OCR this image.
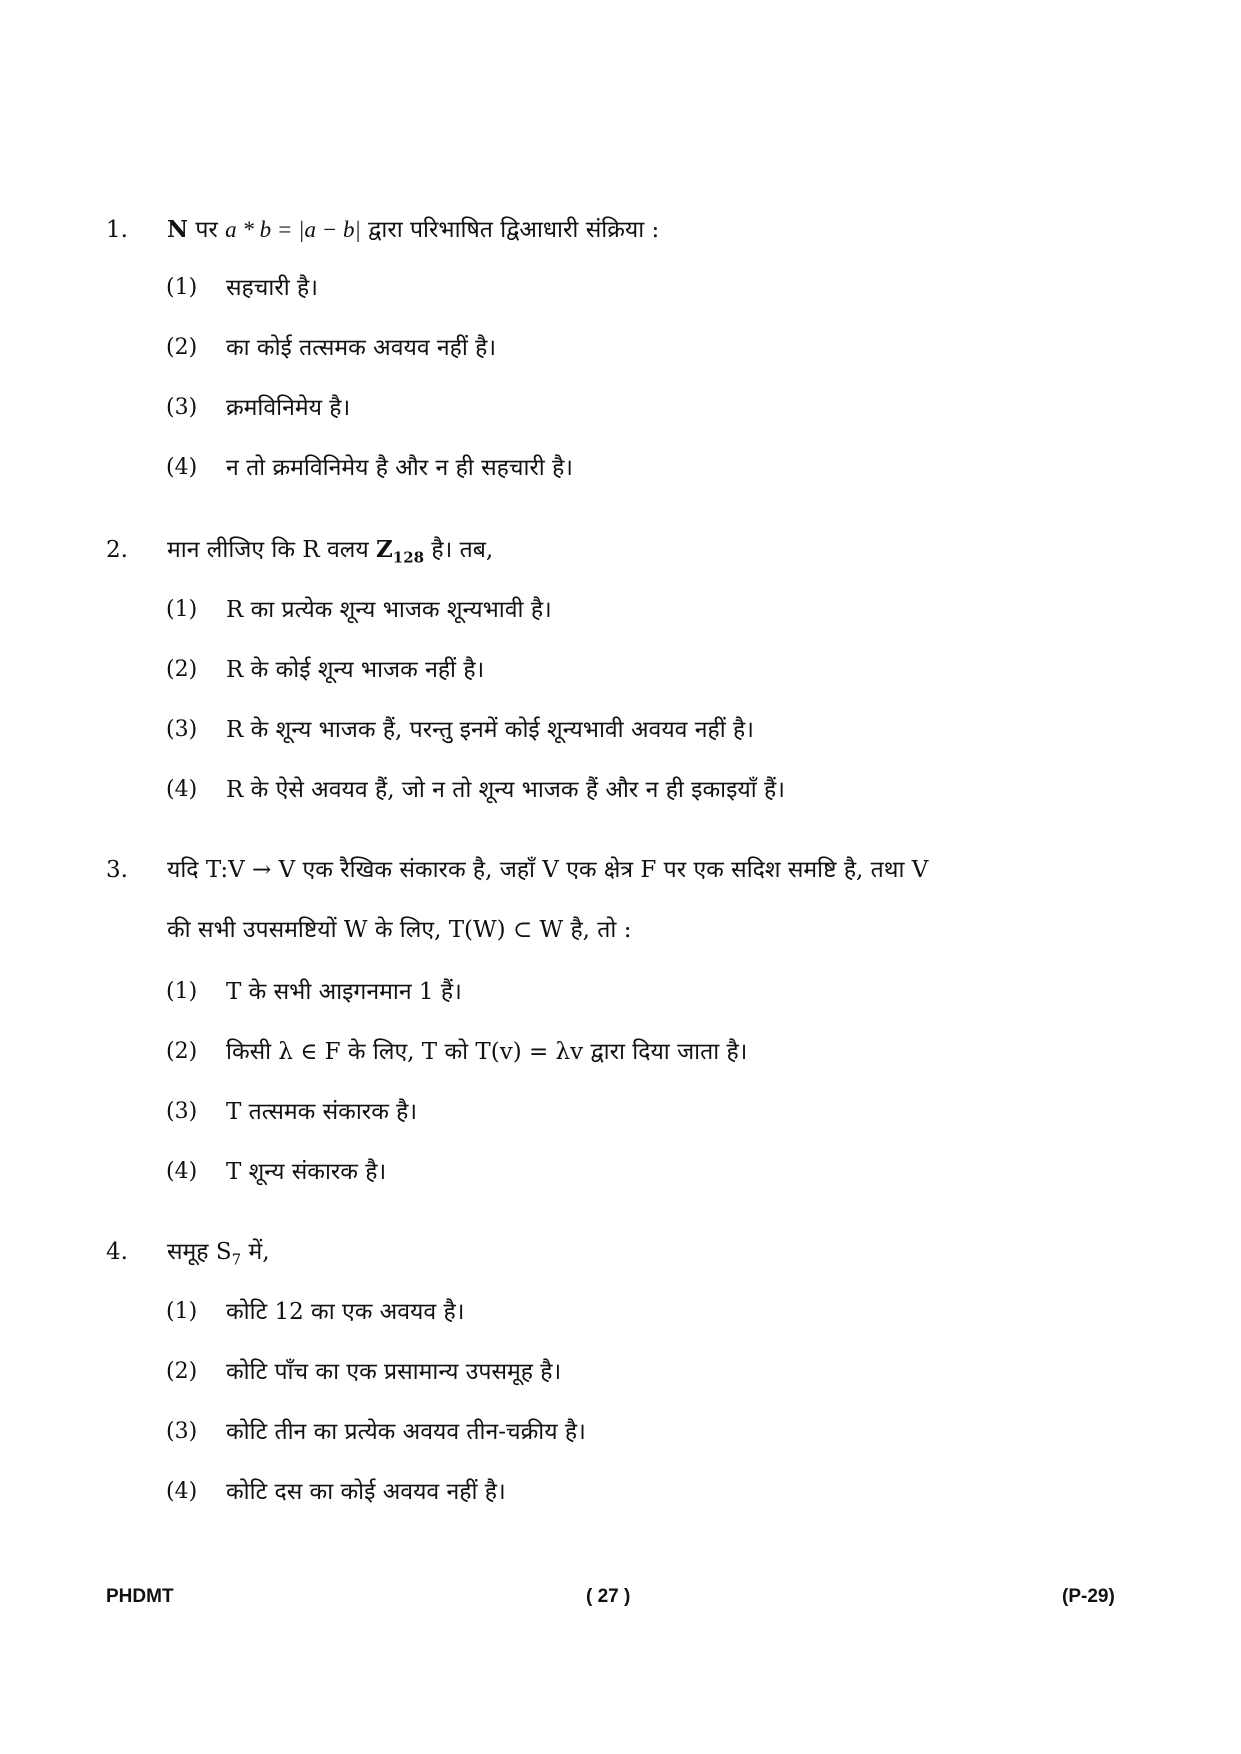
1. N पर a * b = |a − b| द्वारा परिभाषित द्विआधारी संक्रिया :
(1) सहचारी है।
(2) का कोई तत्समक अवयव नहीं है।
(3) क्रमविनिमेय है।
(4) न तो क्रमविनिमेय है और न ही सहचारी है।
2. मान लीजिए कि R वलय $Z_{128}$ है। तब,
(1) R का प्रत्येक शून्य भाजक शून्यभावी है।
(2) R के कोई शून्य भाजक नहीं है।
(3) R के शून्य भाजक हैं, परन्तु इनमें कोई शून्यभावी अवयव नहीं है।
(4) R के ऐसे अवयव हैं, जो न तो शून्य भाजक हैं और न ही इकाइयाँ हैं।
3. यदि T:V → V एक रैखिक संकारक है, जहाँ V एक क्षेत्र F पर एक सदिश समष्टि है, तथा V
की सभी उपसमष्टियों W के लिए, T(W) ⊂ W है, तो :
(1) T के सभी आइगनमान 1 हैं।
(2) किसी λ ∈ F के लिए, T को T(v) = λv द्वारा दिया जाता है।
(3) T तत्समक संकारक है।
(4) T शून्य संकारक है।
4. समूह $S_7$ में,
(1) कोटि 12 का एक अवयव है।
(2) कोटि पाँच का एक प्रसामान्य उपसमूह है।
(3) कोटि तीन का प्रत्येक अवयव तीन-चक्रीय है।
(4) कोटि दस का कोई अवयव नहीं है।
PHDMT	( 27 )	(P-29)
